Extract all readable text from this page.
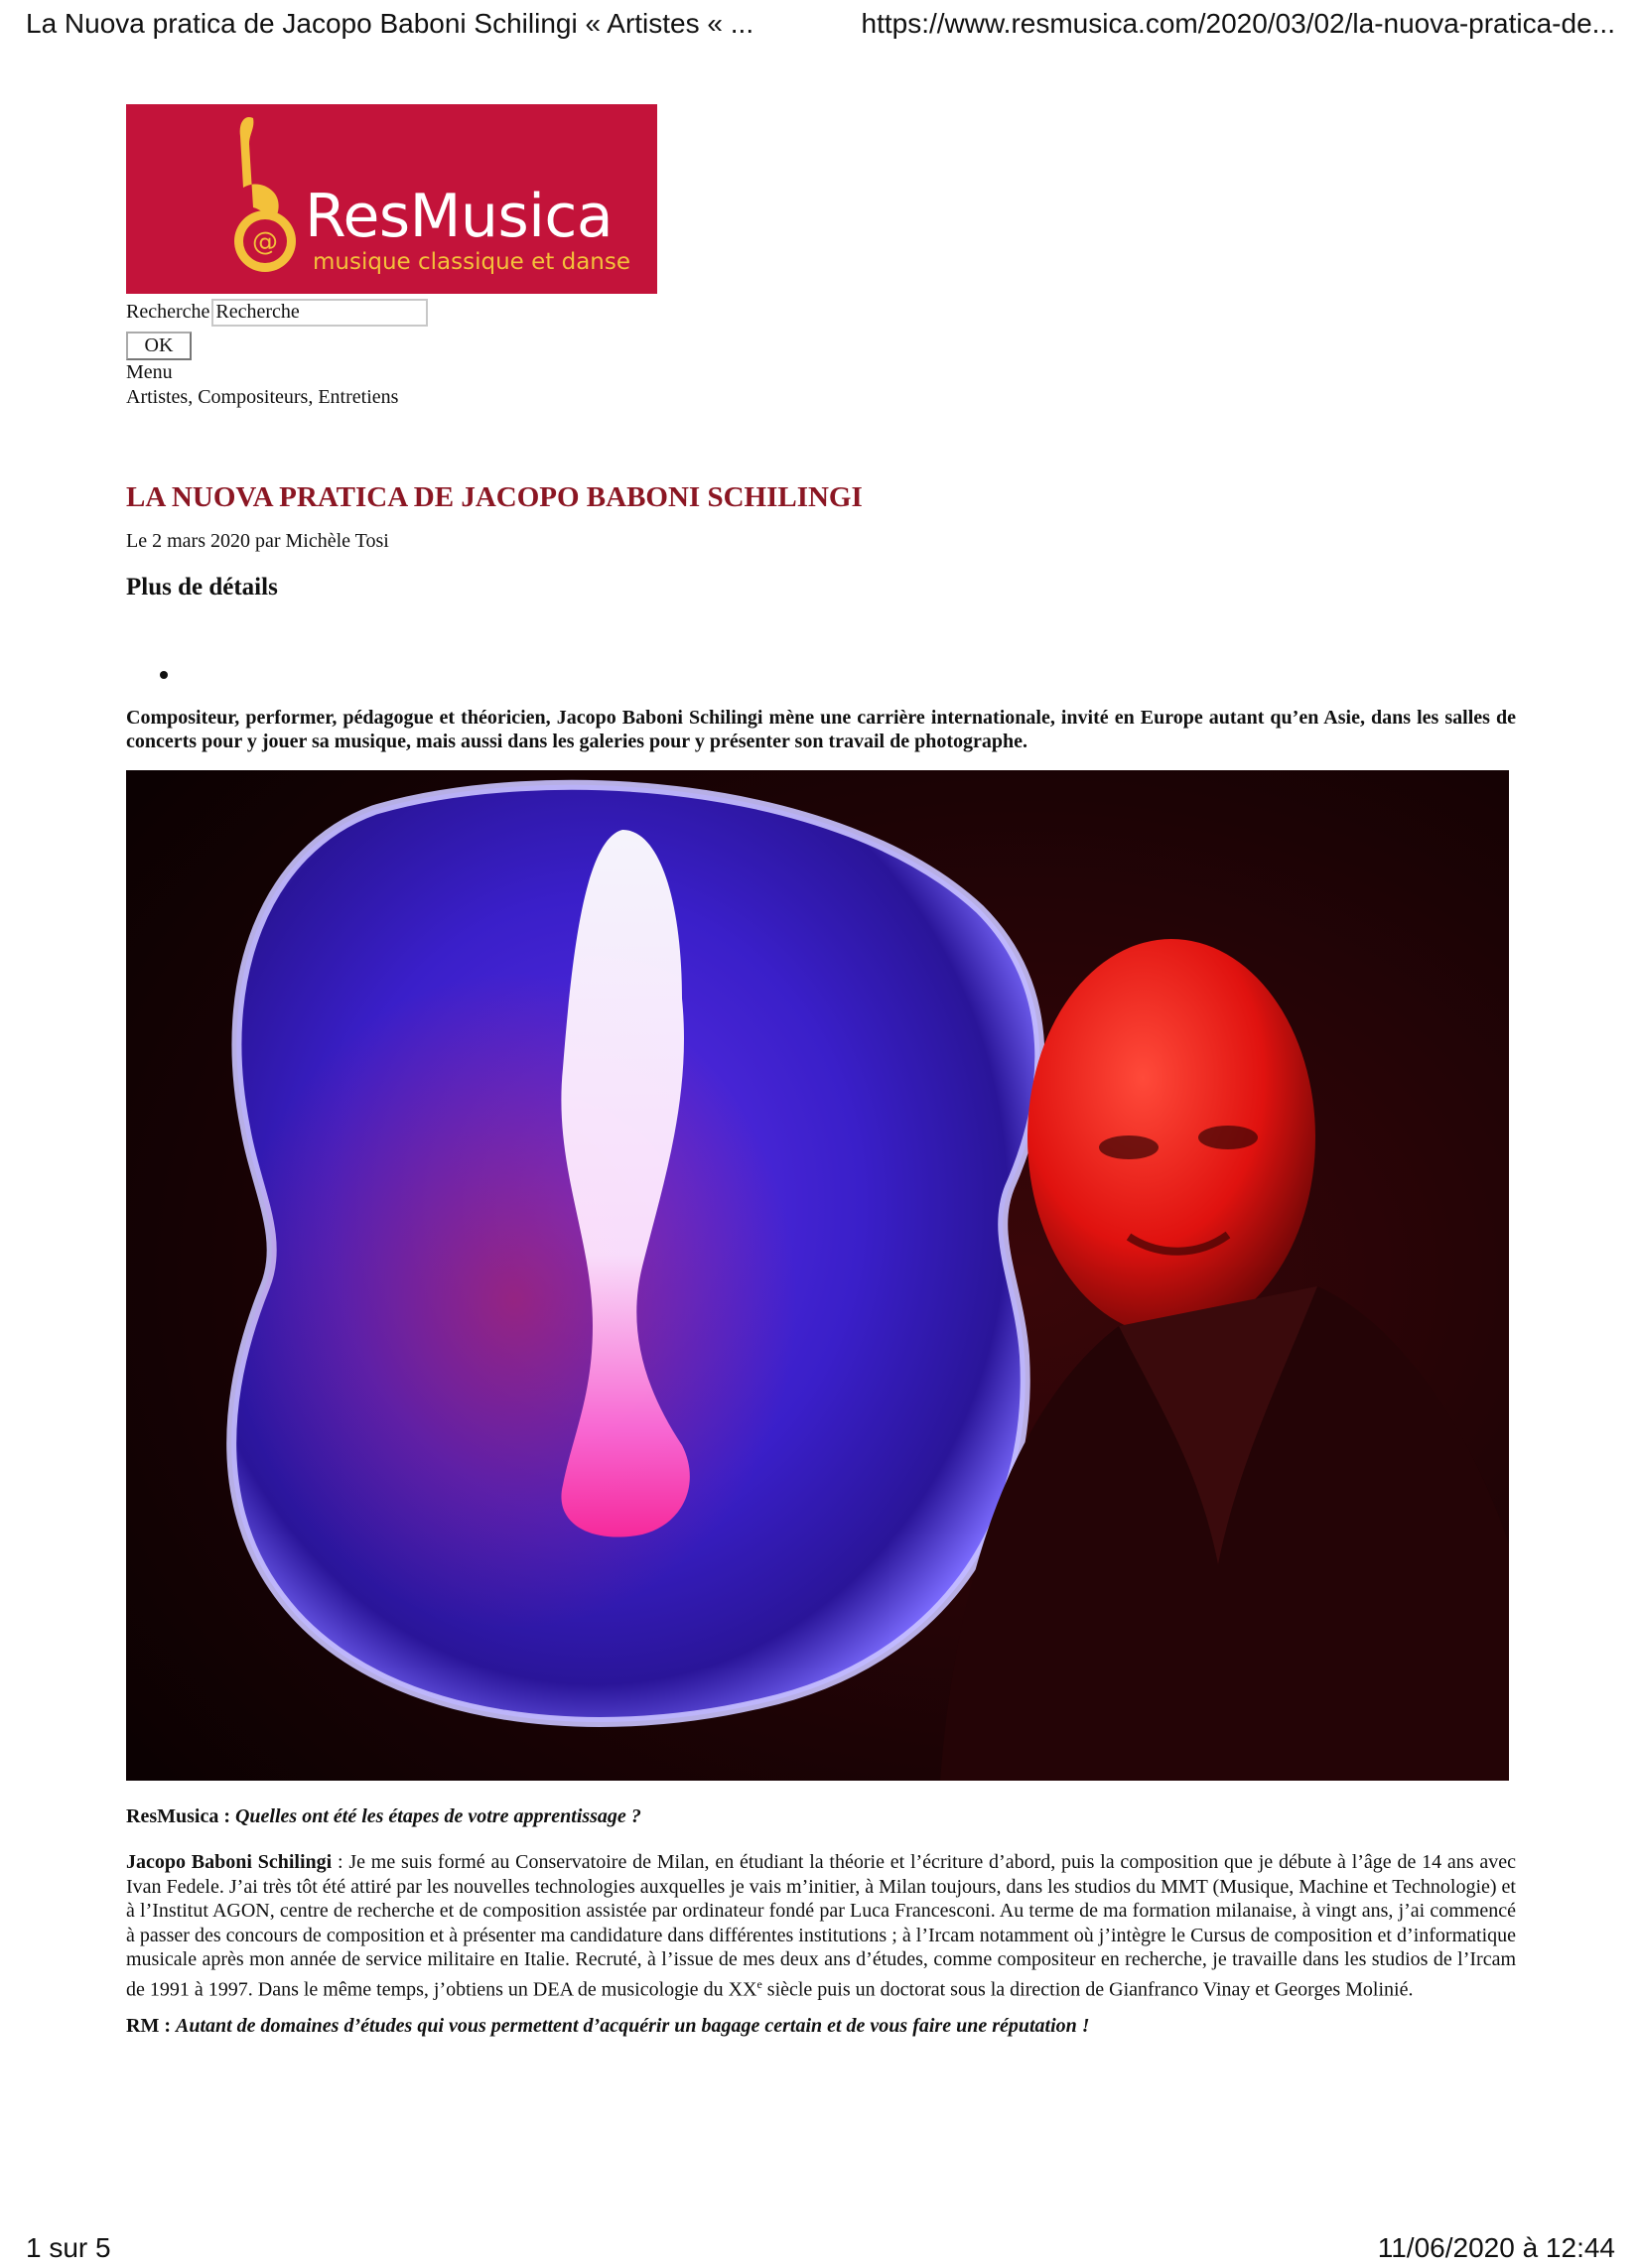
La Nuova pratica de Jacopo Baboni Schilingi « Artistes « ...	https://www.resmusica.com/2020/03/02/la-nuova-pratica-de...
@ ResMusica
musique classique et danse
Recherche
Recherche
OK
Menu
Artistes, Compositeurs, Entretiens
LA NUOVA PRATICA DE JACOPO BABONI SCHILINGI
Le 2 mars 2020 par Michèle Tosi
Plus de détails
•
Compositeur, performer, pédagogue et théoricien, Jacopo Baboni Schilingi mène une carrière internationale, invité en Europe autant qu’en Asie, dans les salles de concerts pour y jouer sa musique, mais aussi dans les galeries pour y présenter son travail de photographe.
ResMusica : Quelles ont été les étapes de votre apprentissage ?
Jacopo Baboni Schilingi : Je me suis formé au Conservatoire de Milan, en étudiant la théorie et l’écriture d’abord, puis la composition que je débute à l’âge de 14 ans avec Ivan Fedele. J’ai très tôt été attiré par les nouvelles technologies auxquelles je vais m’initier, à Milan toujours, dans les studios du MMT (Musique, Machine et Technologie) et à l’Institut AGON, centre de recherche et de composition assistée par ordinateur fondé par Luca Francesconi. Au terme de ma formation milanaise, à vingt ans, j’ai commencé à passer des concours de composition et à présenter ma candidature dans différentes institutions ; à l’Ircam notamment où j’intègre le Cursus de composition et d’informatique musicale après mon année de service militaire en Italie. Recruté, à l’issue de mes deux ans d’études, comme compositeur en recherche, je travaille dans les studios de l’Ircam de 1991 à 1997. Dans le même temps, j’obtiens un DEA de musicologie du XXe siècle puis un doctorat sous la direction de Gianfranco Vinay et Georges Molinié.
RM : Autant de domaines d’études qui vous permettent d’acquérir un bagage certain et de vous faire une réputation !
1 sur 5	11/06/2020 à 12:44
